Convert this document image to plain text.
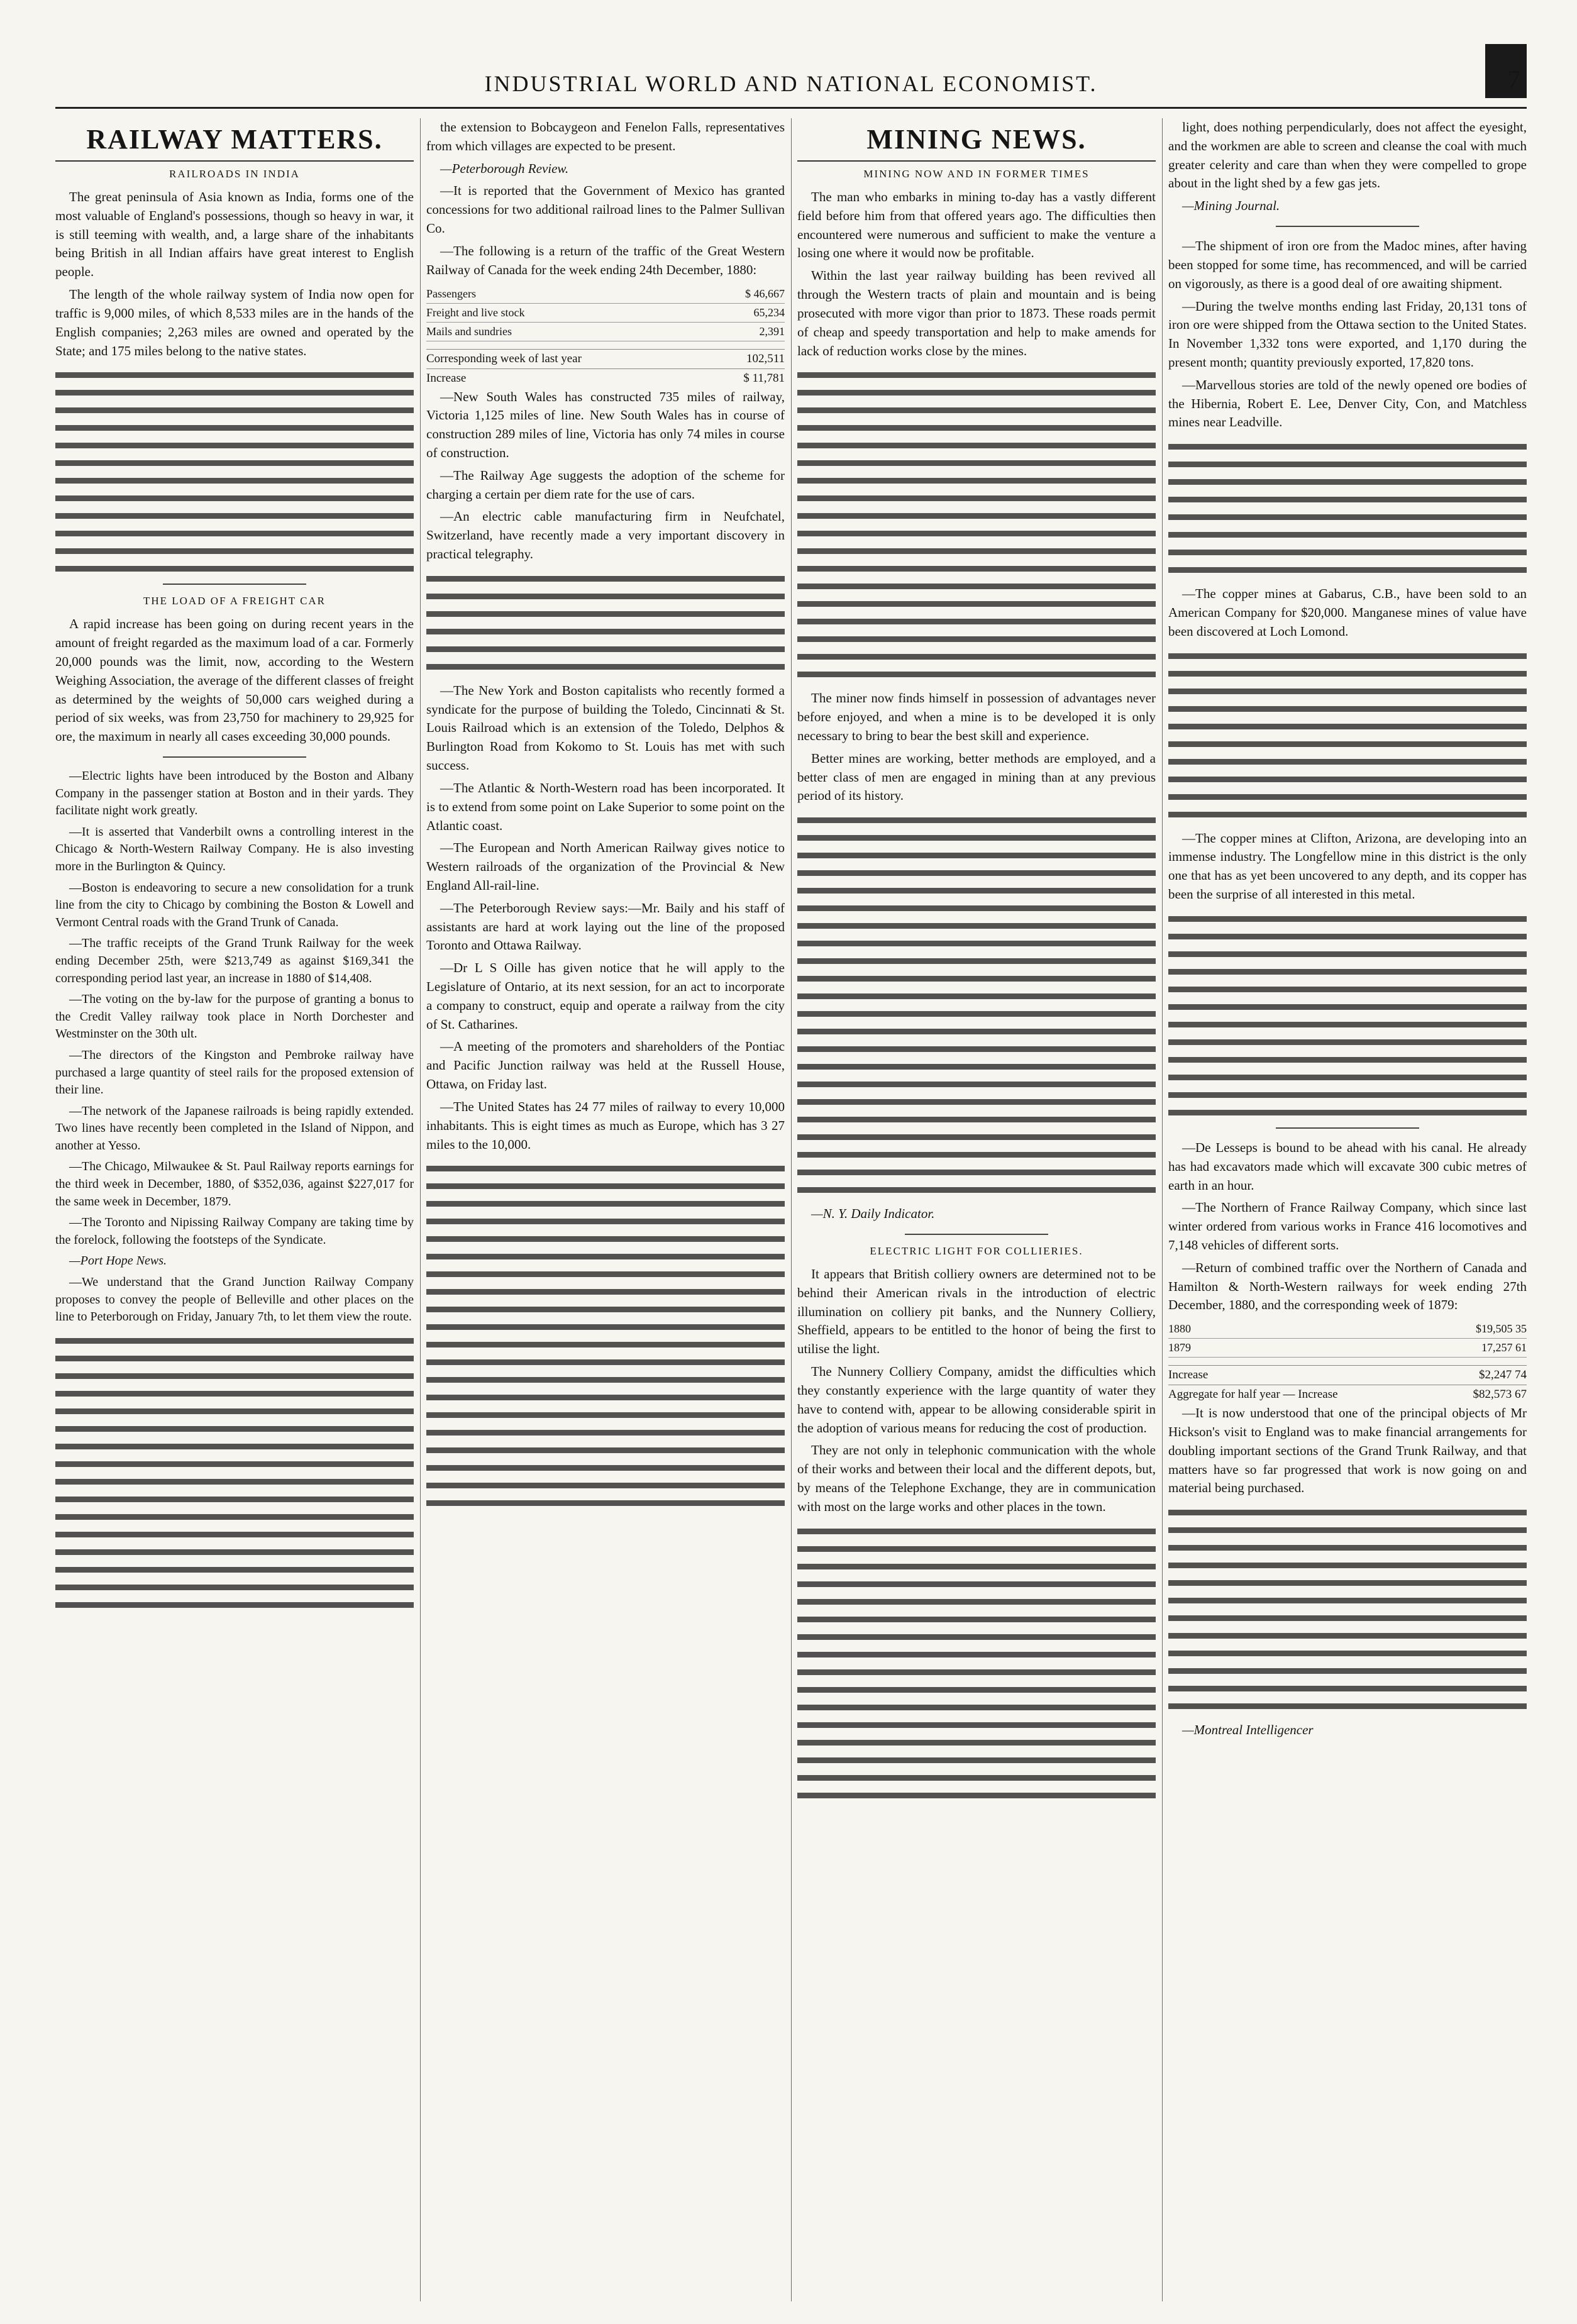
INDUSTRIAL WORLD AND NATIONAL ECONOMIST.	7
RAILWAY MATTERS.
RAILROADS IN INDIA

The great peninsula of Asia known as India, forms one of the most valuable of England's possessions, though so heavy in war, it is still teeming with wealth, and, a large share of the inhabitants being British in all Indian affairs have great interest to English people.

The length of the whole railway system of India now open for traffic is 9,000 miles, of which 8,533 miles are in the hands of the English companies; 2,263 miles are owned and operated by the State; and 175 miles belong to the native states.

THE LOAD OF A FREIGHT CAR

A rapid increase has been going on during recent years in the amount of freight regarded as the maximum load of a car. Formerly 20,000 pounds was the limit, now, according to the Western Weighing Association, the average of the different classes of freight as determined by the weights of 50,000 cars weighed during a period of six weeks, was from 23,750 for machinery to 29,925 for ore, the maximum in nearly all cases exceeding 30,000 pounds.

—Electric lights have been introduced by the Boston and Albany Company in the passenger station at Boston and in their yards. They facilitate night work greatly.

—It is asserted that Vanderbilt owns a controlling interest in the Chicago & North-Western Railway Company. He is also investing more in the Burlington & Quincy.

—Boston is endeavoring to secure a new consolidation for a trunk line from the city to Chicago by combining the Boston & Lowell and Vermont Central roads with the Grand Trunk of Canada.

—The traffic receipts of the Grand Trunk Railway for the week ending December 25th, were $213,749 as against $169,341 the corresponding period last year, an increase in 1880 of $14,408.

—The voting on the by-law for the purpose of granting a bonus to the Credit Valley railway took place in North Dorchester and Westminster on the 30th ult.

—The directors of the Kingston and Pembroke railway have purchased a large quantity of steel rails for the proposed extension of their line.

—The network of the Japanese railroads is being rapidly extended. Two lines have recently been completed in the Island of Nippon, and another at Yesso.

—The Chicago, Milwaukee & St. Paul Railway reports earnings for the third week in December, 1880, of $352,036, against $227,017 for the same week in December, 1879.

—The Toronto and Nipissing Railway Company are taking time by the forelock, following the footsteps of the Syndicate.

—Port Hope News.

—We understand that the Grand Junction Railway Company proposes to convey the people of Belleville and other places on the line to Peterborough on Friday, January 7th, to let them view the route.

the extension to Bobcaygeon and Fenelon Falls, representatives from which villages are expected to be present.

—Peterborough Review.

—It is reported that the Government of Mexico has granted concessions for two additional railroad lines to the Palmer Sullivan Co.

—The following is a return of the traffic of the Great Western Railway of Canada for the week ending 24th December, 1880:

Passengers	$ 46,667
Freight and live stock	65,234
Mails and sundries	2,391
Corresponding week of last year	102,511
Increase	$ 11,781

—New South Wales has constructed 735 miles of railway, Victoria 1,125 miles of line. New South Wales has in course of construction 289 miles of line, Victoria has only 74 miles in course of construction.

—The Railway Age suggests the adoption of the scheme for charging a certain per diem rate for the use of cars.

—An electric cable manufacturing firm in Neufchatel, Switzerland, have recently made a very important discovery in practical telegraphy.

—The New York and Boston capitalists who recently formed a syndicate for the purpose of building the Toledo, Cincinnati & St. Louis Railroad which is an extension of the Toledo, Delphos & Burlington Road from Kokomo to St. Louis has met with such success.

—The Atlantic & North-Western road has been incorporated. It is to extend from some point on Lake Superior to some point on the Atlantic coast.

—The European and North American Railway gives notice to Western railroads of the organization of the Provincial & New England All-rail-line.

—The Peterborough Review says:—Mr. Baily and his staff of assistants are hard at work laying out the line of the proposed Toronto and Ottawa Railway.

—Dr L S Oille has given notice that he will apply to the Legislature of Ontario, at its next session, for an act to incorporate a company to construct, equip and operate a railway from the city of St. Catharines.

—A meeting of the promoters and shareholders of the Pontiac and Pacific Junction railway was held at the Russell House, Ottawa, on Friday last.

—The United States has 24 77 miles of railway to every 10,000 inhabitants. This is eight times as much as Europe, which has 3 27 miles to the 10,000.

MINING NEWS.
MINING NOW AND IN FORMER TIMES

The man who embarks in mining to-day has a vastly different field before him from that offered years ago. The difficulties then encountered were numerous and sufficient to make the venture a losing one where it would now be profitable.

Within the last year railway building has been revived all through the Western tracts of plain and mountain and is being prosecuted with more vigor than prior to 1873. These roads permit of cheap and speedy transportation and help to make amends for lack of reduction works close by the mines.

The miner now finds himself in possession of advantages never before enjoyed, and when a mine is to be developed it is only necessary to bring to bear the best skill and experience.

Better mines are working, better methods are employed, and a better class of men are engaged in mining than at any previous period of its history.

—N. Y. Daily Indicator.

ELECTRIC LIGHT FOR COLLIERIES.

It appears that British colliery owners are determined not to be behind their American rivals in the introduction of electric illumination on colliery pit banks, and the Nunnery Colliery, Sheffield, appears to be entitled to the honor of being the first to utilise the light.

The Nunnery Colliery Company, amidst the difficulties which they constantly experience with the large quantity of water they have to contend with, appear to be allowing considerable spirit in the adoption of various means for reducing the cost of production.

They are not only in telephonic communication with the whole of their works and between their local and the different depots, but, by means of the Telephone Exchange, they are in communication with most on the large works and other places in the town.

light, does nothing perpendicularly, does not affect the eyesight, and the workmen are able to screen and cleanse the coal with much greater celerity and care than when they were compelled to grope about in the light shed by a few gas jets.

—Mining Journal.

—The shipment of iron ore from the Madoc mines, after having been stopped for some time, has recommenced, and will be carried on vigorously, as there is a good deal of ore awaiting shipment.

—During the twelve months ending last Friday, 20,131 tons of iron ore were shipped from the Ottawa section to the United States. In November 1,332 tons were exported, and 1,170 during the present month; quantity previously exported, 17,820 tons.

—Marvellous stories are told of the newly opened ore bodies of the Hibernia, Robert E. Lee, Denver City, Con, and Matchless mines near Leadville.

—The copper mines at Gabarus, C.B., have been sold to an American Company for $20,000. Manganese mines of value have been discovered at Loch Lomond.

—The copper mines at Clifton, Arizona, are developing into an immense industry. The Longfellow mine in this district is the only one that has as yet been uncovered to any depth, and its copper has been the surprise of all interested in this metal.

—De Lesseps is bound to be ahead with his canal. He already has had excavators made which will excavate 300 cubic metres of earth in an hour.

—The Northern of France Railway Company, which since last winter ordered from various works in France 416 locomotives and 7,148 vehicles of different sorts.

—Return of combined traffic over the Northern of Canada and Hamilton & North-Western railways for week ending 27th December, 1880, and the corresponding week of 1879:

1880	$19,505 35
1879	17,257 61
Increase	$2,247 74
Aggregate for half year — Increase	$82,573 67

—It is now understood that one of the principal objects of Mr Hickson's visit to England was to make financial arrangements for doubling important sections of the Grand Trunk Railway, and that matters have so far progressed that work is now going on and material being purchased.

—Montreal Intelligencer
